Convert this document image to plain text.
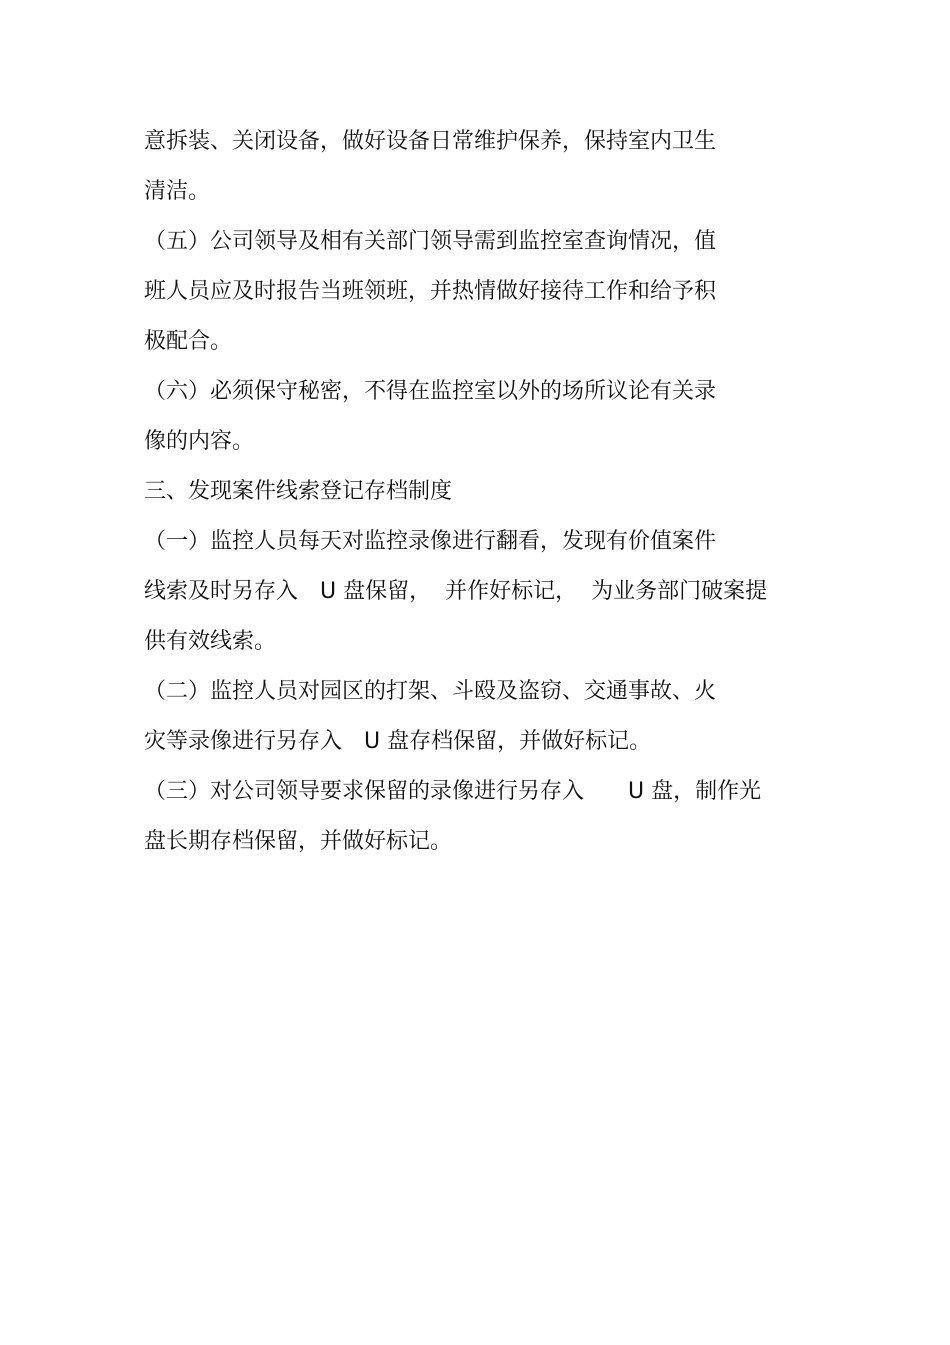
意拆装、关闭设备，做好设备日常维护保养，保持室内卫生

清洁。

（五）公司领导及相有关部门领导需到监控室查询情况，值

班人员应及时报告当班领班，并热情做好接待工作和给予积

极配合。

（六）必须保守秘密，不得在监控室以外的场所议论有关录

像的内容。

三、发现案件线索登记存档制度

（一）监控人员每天对监控录像进行翻看，发现有价值案件

线索及时另存入　U 盘保留，  并作好标记，  为业务部门破案提

供有效线索。

（二）监控人员对园区的打架、斗殴及盗窃、交通事故、火

灾等录像进行另存入　U 盘存档保留，并做好标记。

（三）对公司领导要求保留的录像进行另存入　　U 盘，制作光

盘长期存档保留，并做好标记。
